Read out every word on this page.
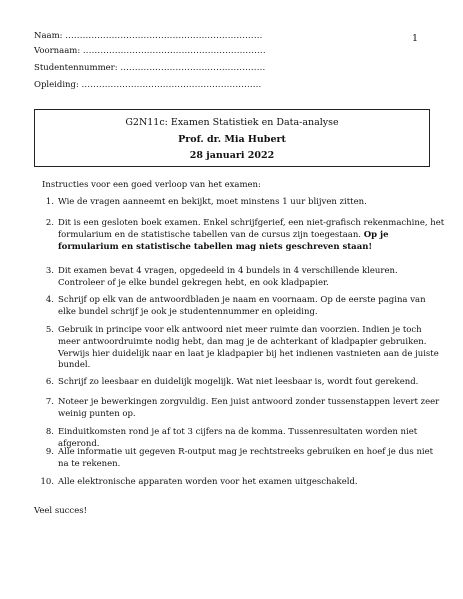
1
Naam: ....................................................................
Voornaam: ...............................................................
Studentennummer: ..................................................
Opleiding: ..............................................................
G2N11c: Examen Statistiek en Data-analyse
Prof. dr. Mia Hubert
28 januari 2022
Instructies voor een goed verloop van het examen:
1. Wie de vragen aanneemt en bekijkt, moet minstens 1 uur blijven zitten.
2. Dit is een gesloten boek examen. Enkel schrijfgerief, een niet-grafisch rekenmachine, het formularium en de statistische tabellen van de cursus zijn toegestaan. Op je formularium en statistische tabellen mag niets geschreven staan!
3. Dit examen bevat 4 vragen, opgedeeld in 4 bundels in 4 verschillende kleuren. Controleer of je elke bundel gekregen hebt, en ook kladpapier.
4. Schrijf op elk van de antwoordbladen je naam en voornaam. Op de eerste pagina van elke bundel schrijf je ook je studentennummer en opleiding.
5. Gebruik in principe voor elk antwoord niet meer ruimte dan voorzien. Indien je toch meer antwoordruimte nodig hebt, dan mag je de achterkant of kladpapier gebruiken. Verwijs hier duidelijk naar en laat je kladpapier bij het indienen vastnieten aan de juiste bundel.
6. Schrijf zo leesbaar en duidelijk mogelijk. Wat niet leesbaar is, wordt fout gerekend.
7. Noteer je bewerkingen zorgvuldig. Een juist antwoord zonder tussenstappen levert zeer weinig punten op.
8. Einduitkomsten rond je af tot 3 cijfers na de komma. Tussenresultaten worden niet afgerond.
9. Alle informatie uit gegeven R-output mag je rechtstreeks gebruiken en hoef je dus niet na te rekenen.
10. Alle elektronische apparaten worden voor het examen uitgeschakeld.
Veel succes!
